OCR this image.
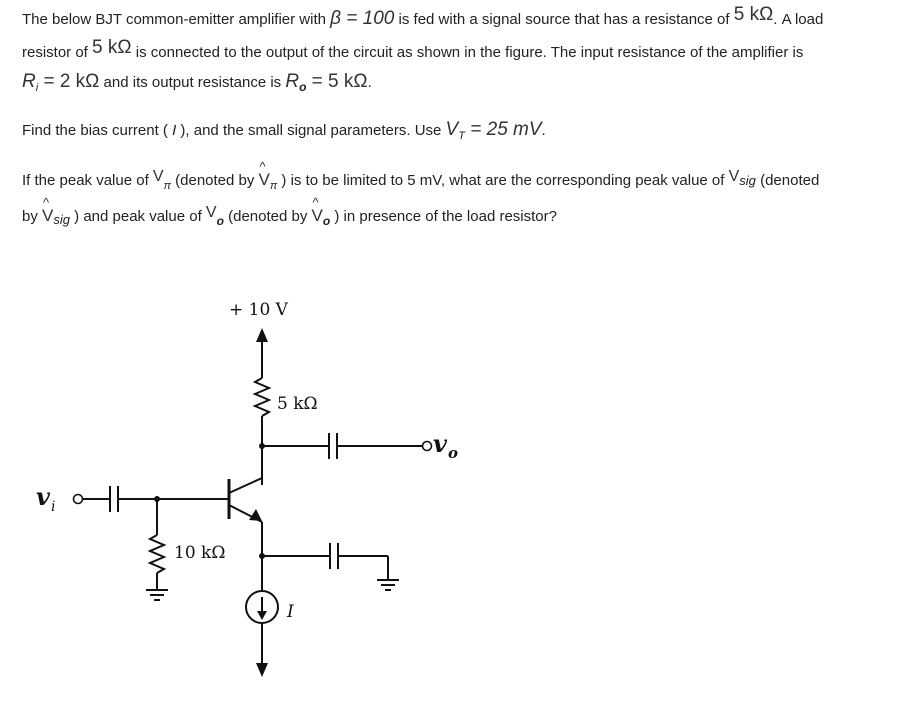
The below BJT common-emitter amplifier with β = 100 is fed with a signal source that has a resistance of 5 kΩ. A load
resistor of 5 kΩ is connected to the output of the circuit as shown in the figure. The input resistance of the amplifier is
$R_i = 2$ kΩ and its output resistance is $R_o = 5$ kΩ.
Find the bias current ( I ), and the small signal parameters. Use $V_T = 25$ mV.
If the peak value of $V_\pi$ (denoted by ^ $V_\pi$ ) is to be limited to 5 mV, what are the corresponding peak value of Vsig (denoted
by ^ Vsig ) and peak value of $V_o$ (denoted by ^ $V_o$ ) in presence of the load resistor?
+ 10 V
5 kΩ
10 kΩ
v i
v o
I
